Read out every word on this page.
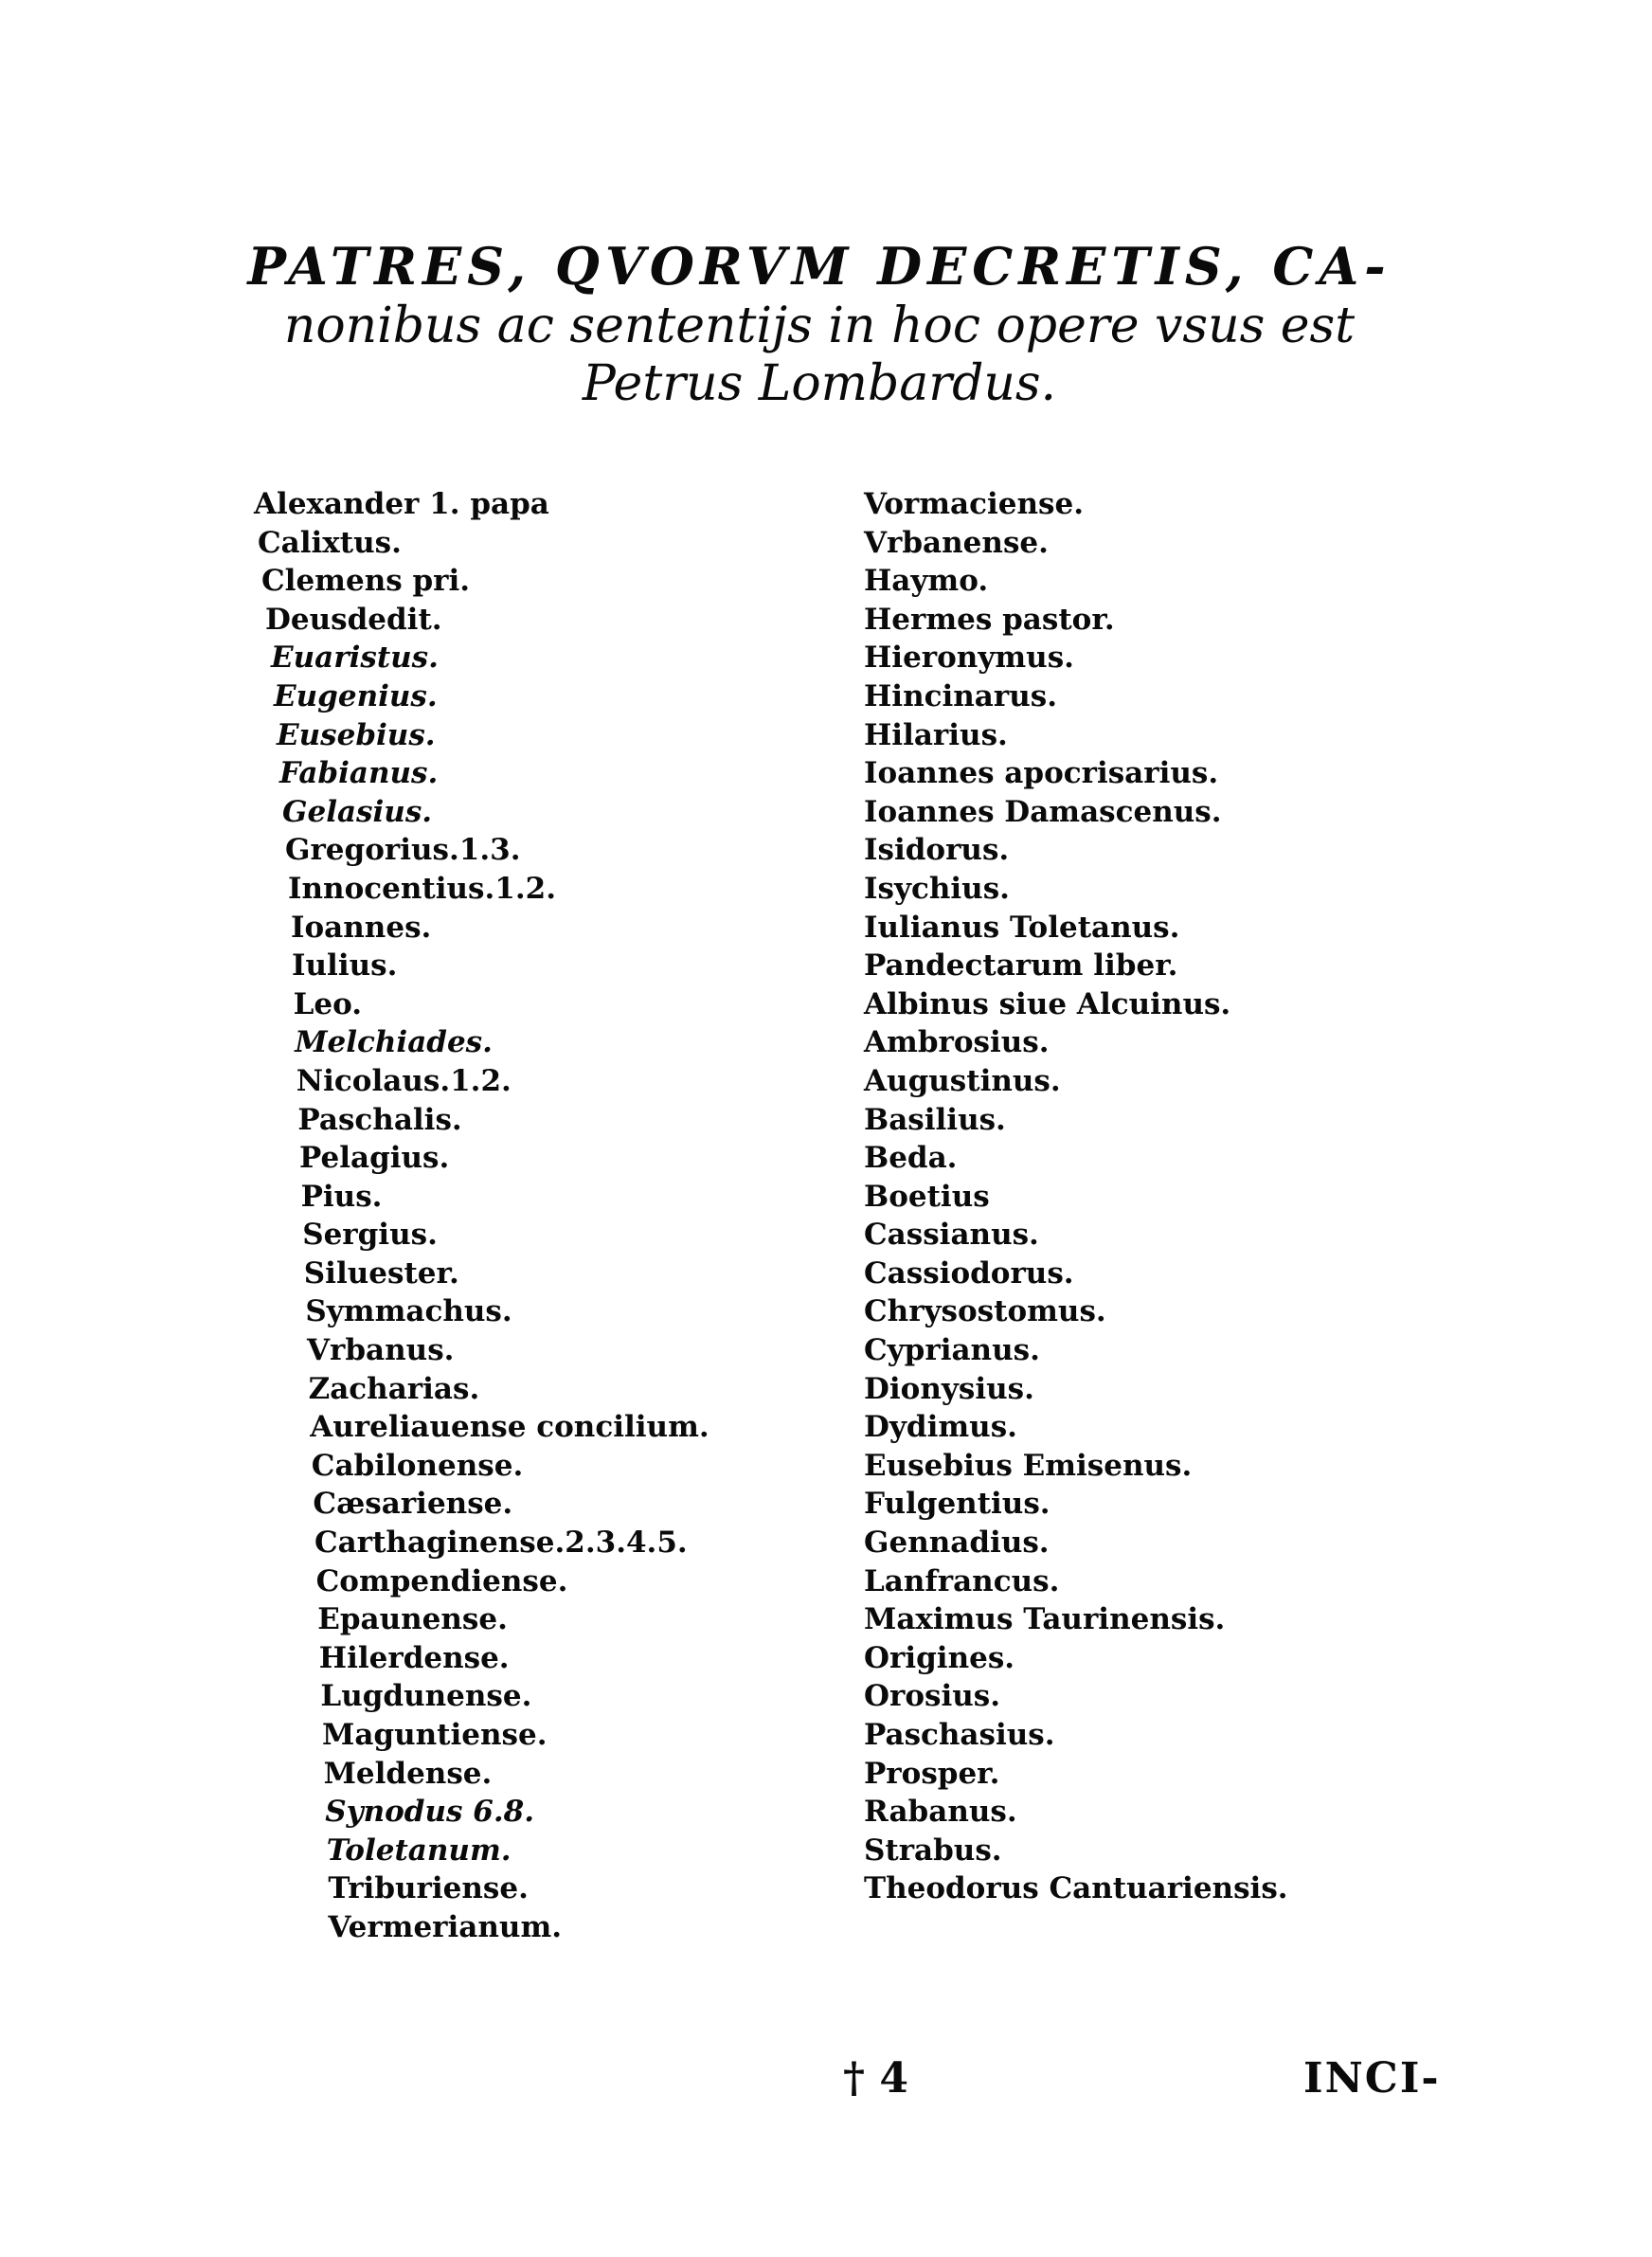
PATRES, QVORVM DECRETIS, CA-
nonibus ac sententijs in hoc opere vsus est
Petrus Lombardus.
Alexander 1. papa
Calixtus.
Clemens pri.
Deusdedit.
Euaristus.
Eugenius.
Eusebius.
Fabianus.
Gelasius.
Gregorius.1.3.
Innocentius.1.2.
Ioannes.
Iulius.
Leo.
Melchiades.
Nicolaus.1.2.
Paschalis.
Pelagius.
Pius.
Sergius.
Siluester.
Symmachus.
Vrbanus.
Zacharias.
Aureliauense concilium.
Cabilonense.
Cæsariense.
Carthaginense.2.3.4.5.
Compendiense.
Epaunense.
Hilerdense.
Lugdunense.
Maguntiense.
Meldense.
Synodus 6.8.
Toletanum.
Triburiense.
Vermerianum.
Vormaciense.
Vrbanense.
Haymo.
Hermes pastor.
Hieronymus.
Hincinarus.
Hilarius.
Ioannes apocrisarius.
Ioannes Damascenus.
Isidorus.
Isychius.
Iulianus Toletanus.
Pandectarum liber.
Albinus siue Alcuinus.
Ambrosius.
Augustinus.
Basilius.
Beda.
Boetius
Cassianus.
Cassiodorus.
Chrysostomus.
Cyprianus.
Dionysius.
Dydimus.
Eusebius Emisenus.
Fulgentius.
Gennadius.
Lanfrancus.
Maximus Taurinensis.
Origines.
Orosius.
Paschasius.
Prosper.
Rabanus.
Strabus.
Theodorus Cantuariensis.
† 4	INCI-
